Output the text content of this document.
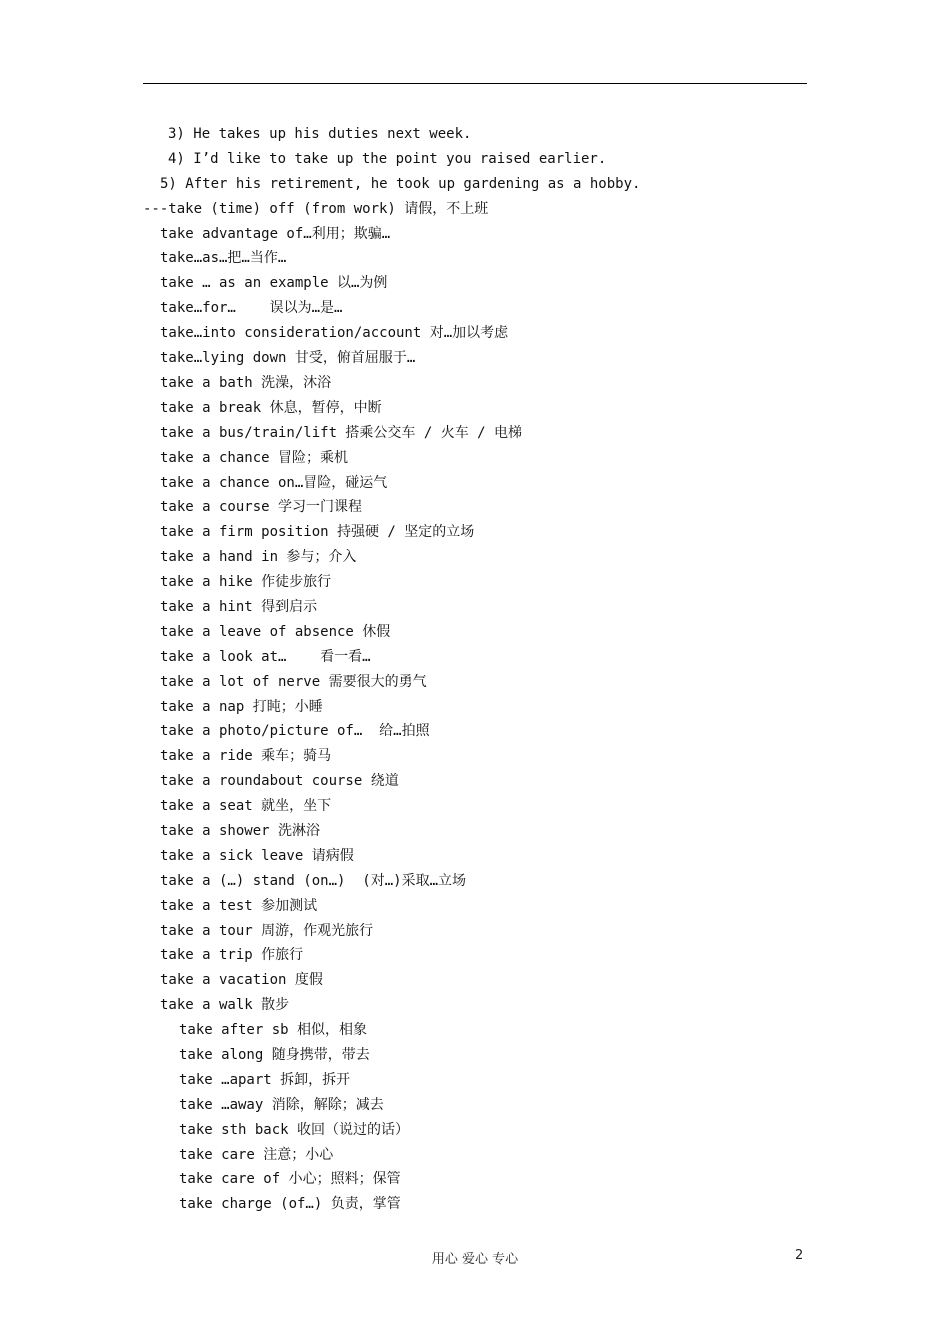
3) He takes up his duties next week.
4) I’d like to take up the point you raised earlier.
5) After his retirement, he took up gardening as a hobby.
---take (time) off (from work) 请假，不上班
take advantage of…利用；欺骗…
take…as…把…当作…
take … as an example 以…为例
take…for…    误以为…是…
take…into consideration/account 对…加以考虑
take…lying down 甘受，俯首屈服于…
take a bath 洗澡，沐浴
take a break 休息，暂停，中断
take a bus/train/lift 搭乘公交车 / 火车 / 电梯
take a chance 冒险；乘机
take a chance on…冒险，碰运气
take a course 学习一门课程
take a firm position 持强硬 / 坚定的立场
take a hand in 参与；介入
take a hike 作徒步旅行
take a hint 得到启示
take a leave of absence 休假
take a look at…    看一看…
take a lot of nerve 需要很大的勇气
take a nap 打盹；小睡
take a photo/picture of…  给…拍照
take a ride 乘车；骑马
take a roundabout course 绕道
take a seat 就坐，坐下
take a shower 洗淋浴
take a sick leave 请病假
take a (…) stand (on…)  (对…)采取…立场
take a test 参加测试
take a tour 周游，作观光旅行
take a trip 作旅行
take a vacation 度假
take a walk 散步
take after sb 相似，相象
take along 随身携带，带去
take …apart 拆卸，拆开
take …away 消除，解除；减去
take sth back 收回（说过的话）
take care 注意；小心
take care of 小心；照料；保管
take charge (of…) 负责，掌管
用心 爱心 专心	2
